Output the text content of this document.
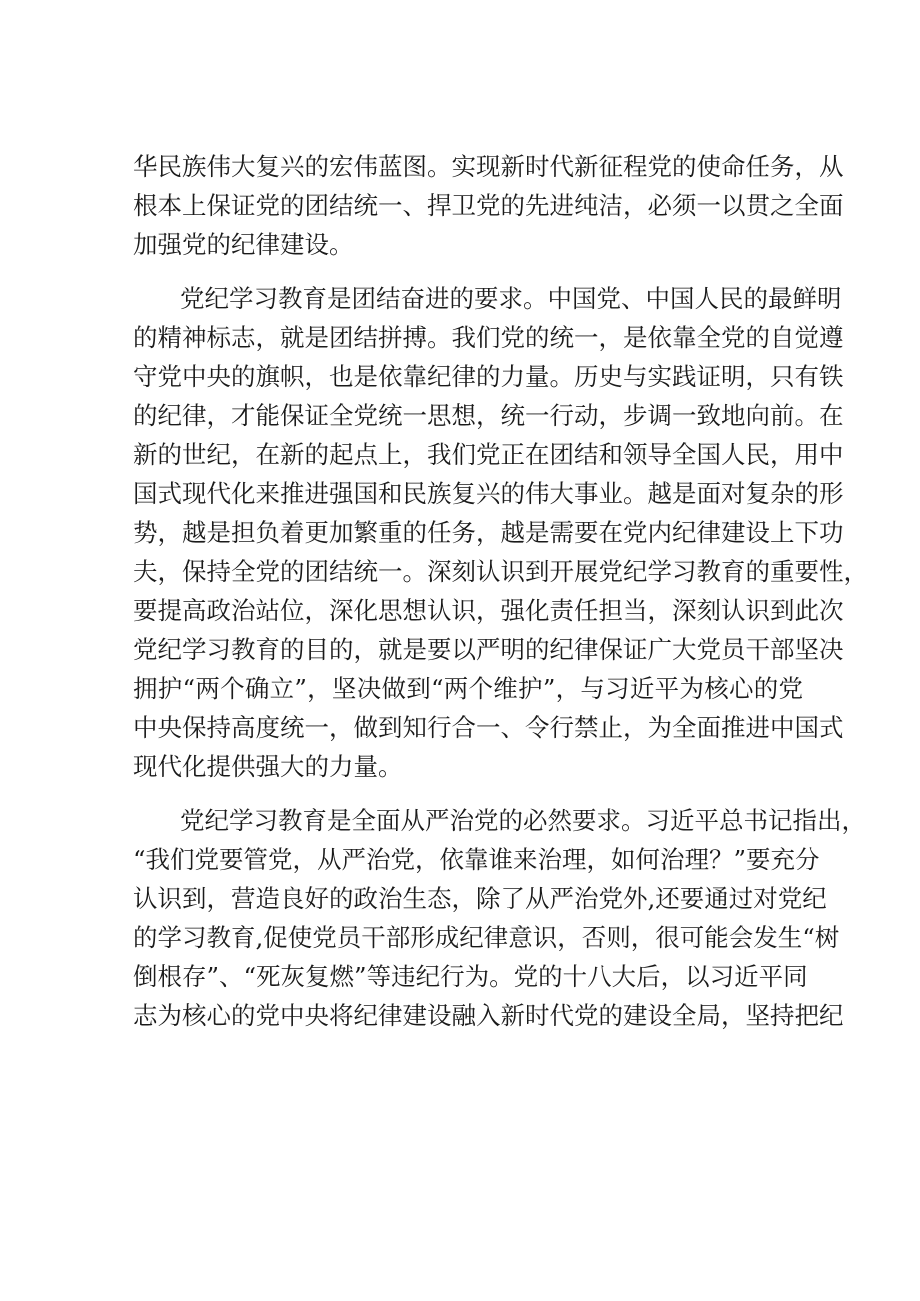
华民族伟大复兴的宏伟蓝图。实现新时代新征程党的使命任务，从
根本上保证党的团结统一、捍卫党的先进纯洁，必须一以贯之全面
加强党的纪律建设。

党纪学习教育是团结奋进的要求。中国党、中国人民的最鲜明
的精神标志，就是团结拼搏。我们党的统一，是依靠全党的自觉遵
守党中央的旗帜，也是依靠纪律的力量。历史与实践证明，只有铁
的纪律，才能保证全党统一思想，统一行动，步调一致地向前。在
新的世纪，在新的起点上，我们党正在团结和领导全国人民，用中
国式现代化来推进强国和民族复兴的伟大事业。越是面对复杂的形
势，越是担负着更加繁重的任务，越是需要在党内纪律建设上下功
夫，保持全党的团结统一。深刻认识到开展党纪学习教育的重要性，
要提高政治站位，深化思想认识，强化责任担当，深刻认识到此次
党纪学习教育的目的，就是要以严明的纪律保证广大党员干部坚决
拥护“两个确立”，坚决做到“两个维护”，与习近平为核心的党
中央保持高度统一，做到知行合一、令行禁止，为全面推进中国式
现代化提供强大的力量。

党纪学习教育是全面从严治党的必然要求。习近平总书记指出，
“我们党要管党，从严治党，依靠谁来治理，如何治理？”要充分
认识到，营造良好的政治生态，除了从严治党外,还要通过对党纪
的学习教育,促使党员干部形成纪律意识，否则，很可能会发生“树
倒根存”、“死灰复燃”等违纪行为。党的十八大后，以习近平同
志为核心的党中央将纪律建设融入新时代党的建设全局，坚持把纪
